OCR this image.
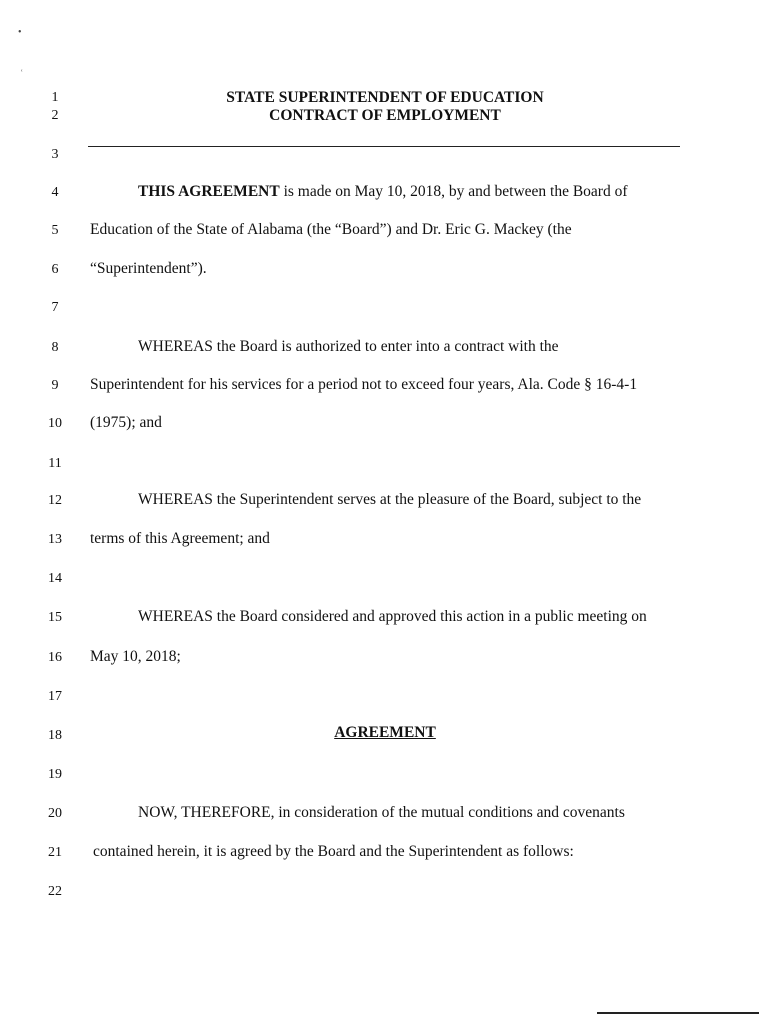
•
ʿ
1
2
3
4
5
6
7
8
9
10
11
12
13
14
15
16
17
18
19
20
21
22
STATE SUPERINTENDENT OF EDUCATION
CONTRACT OF EMPLOYMENT
THIS AGREEMENT is made on May 10, 2018, by and between the Board of
Education of the State of Alabama (the “Board”) and Dr. Eric G. Mackey (the
“Superintendent”).
WHEREAS the Board is authorized to enter into a contract with the
Superintendent for his services for a period not to exceed four years, Ala. Code § 16-4-1
(1975); and
WHEREAS the Superintendent serves at the pleasure of the Board, subject to the
terms of this Agreement; and
WHEREAS the Board considered and approved this action in a public meeting on
May 10, 2018;
AGREEMENT
NOW, THEREFORE, in consideration of the mutual conditions and covenants
contained herein, it is agreed by the Board and the Superintendent as follows:
